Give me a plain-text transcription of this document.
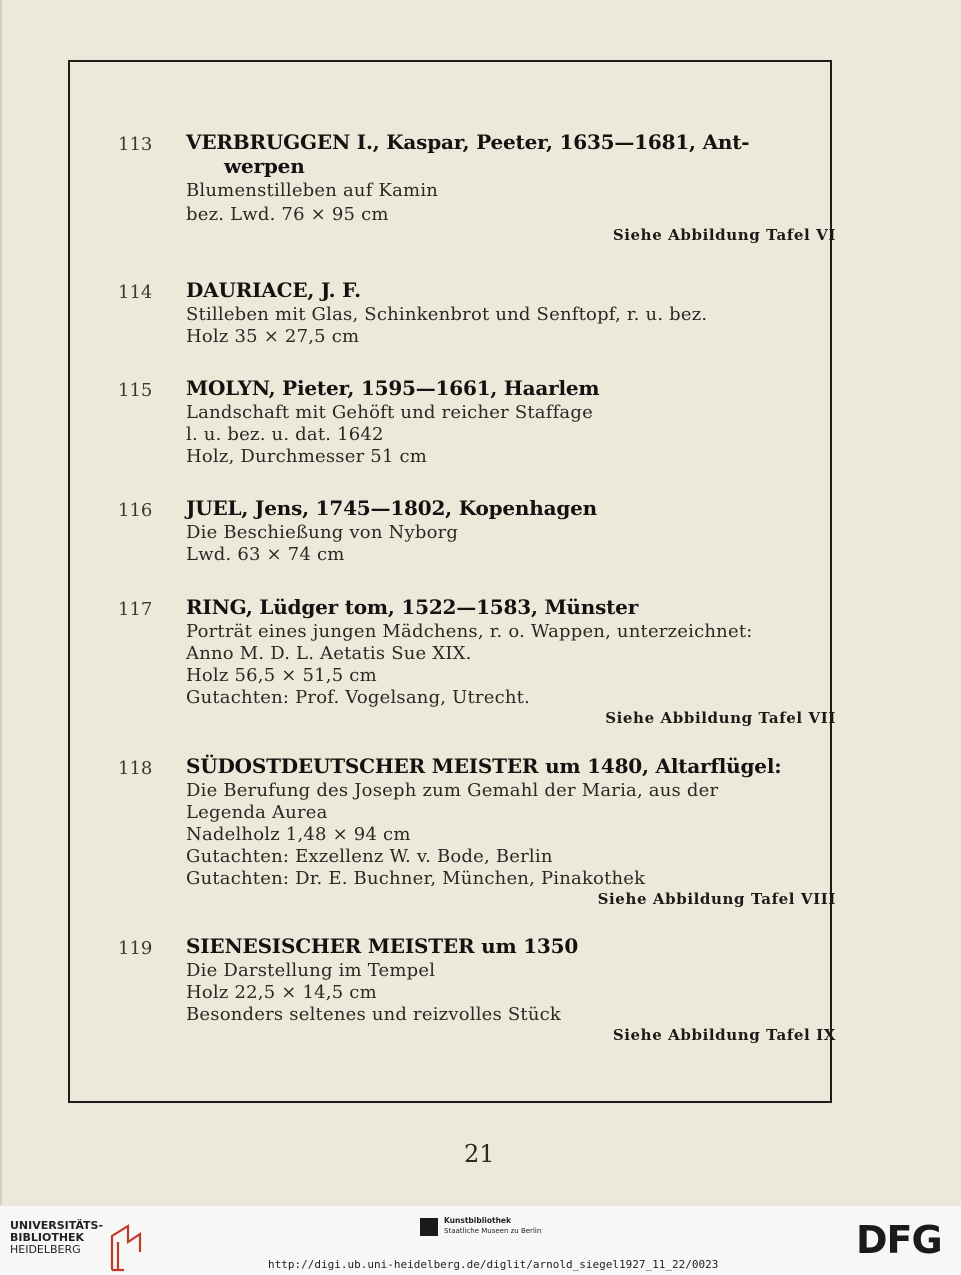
113 VERBRUGGEN I., Kaspar, Peeter, 1635—1681, Ant-
werpen
Blumenstilleben auf Kamin
bez. Lwd. 76 × 95 cm
Siehe Abbildung Tafel VI
114 DAURIACE, J. F.
Stilleben mit Glas, Schinkenbrot und Senftopf, r. u. bez.
Holz 35 × 27,5 cm
115 MOLYN, Pieter, 1595—1661, Haarlem
Landschaft mit Gehöft und reicher Staffage
l. u. bez. u. dat. 1642
Holz, Durchmesser 51 cm
116 JUEL, Jens, 1745—1802, Kopenhagen
Die Beschießung von Nyborg
Lwd. 63 × 74 cm
117 RING, Lüdger tom, 1522—1583, Münster
Porträt eines jungen Mädchens, r. o. Wappen, unterzeichnet:
Anno M. D. L. Aetatis Sue XIX.
Holz 56,5 × 51,5 cm
Gutachten: Prof. Vogelsang, Utrecht.
Siehe Abbildung Tafel VII
118 SÜDOSTDEUTSCHER MEISTER um 1480, Altarflügel:
Die Berufung des Joseph zum Gemahl der Maria, aus der
Legenda Aurea
Nadelholz 1,48 × 94 cm
Gutachten: Exzellenz W. v. Bode, Berlin
Gutachten: Dr. E. Buchner, München, Pinakothek
Siehe Abbildung Tafel VIII
119 SIENESISCHER MEISTER um 1350
Die Darstellung im Tempel
Holz 22,5 × 14,5 cm
Besonders seltenes und reizvolles Stück
Siehe Abbildung Tafel IX
21
UNIVERSITÄTS-
BIBLIOTHEK
HEIDELBERG
Kunstbibliothek
Staatliche Museen zu Berlin	DFG
http://digi.ub.uni-heidelberg.de/diglit/arnold_siegel1927_11_22/0023
